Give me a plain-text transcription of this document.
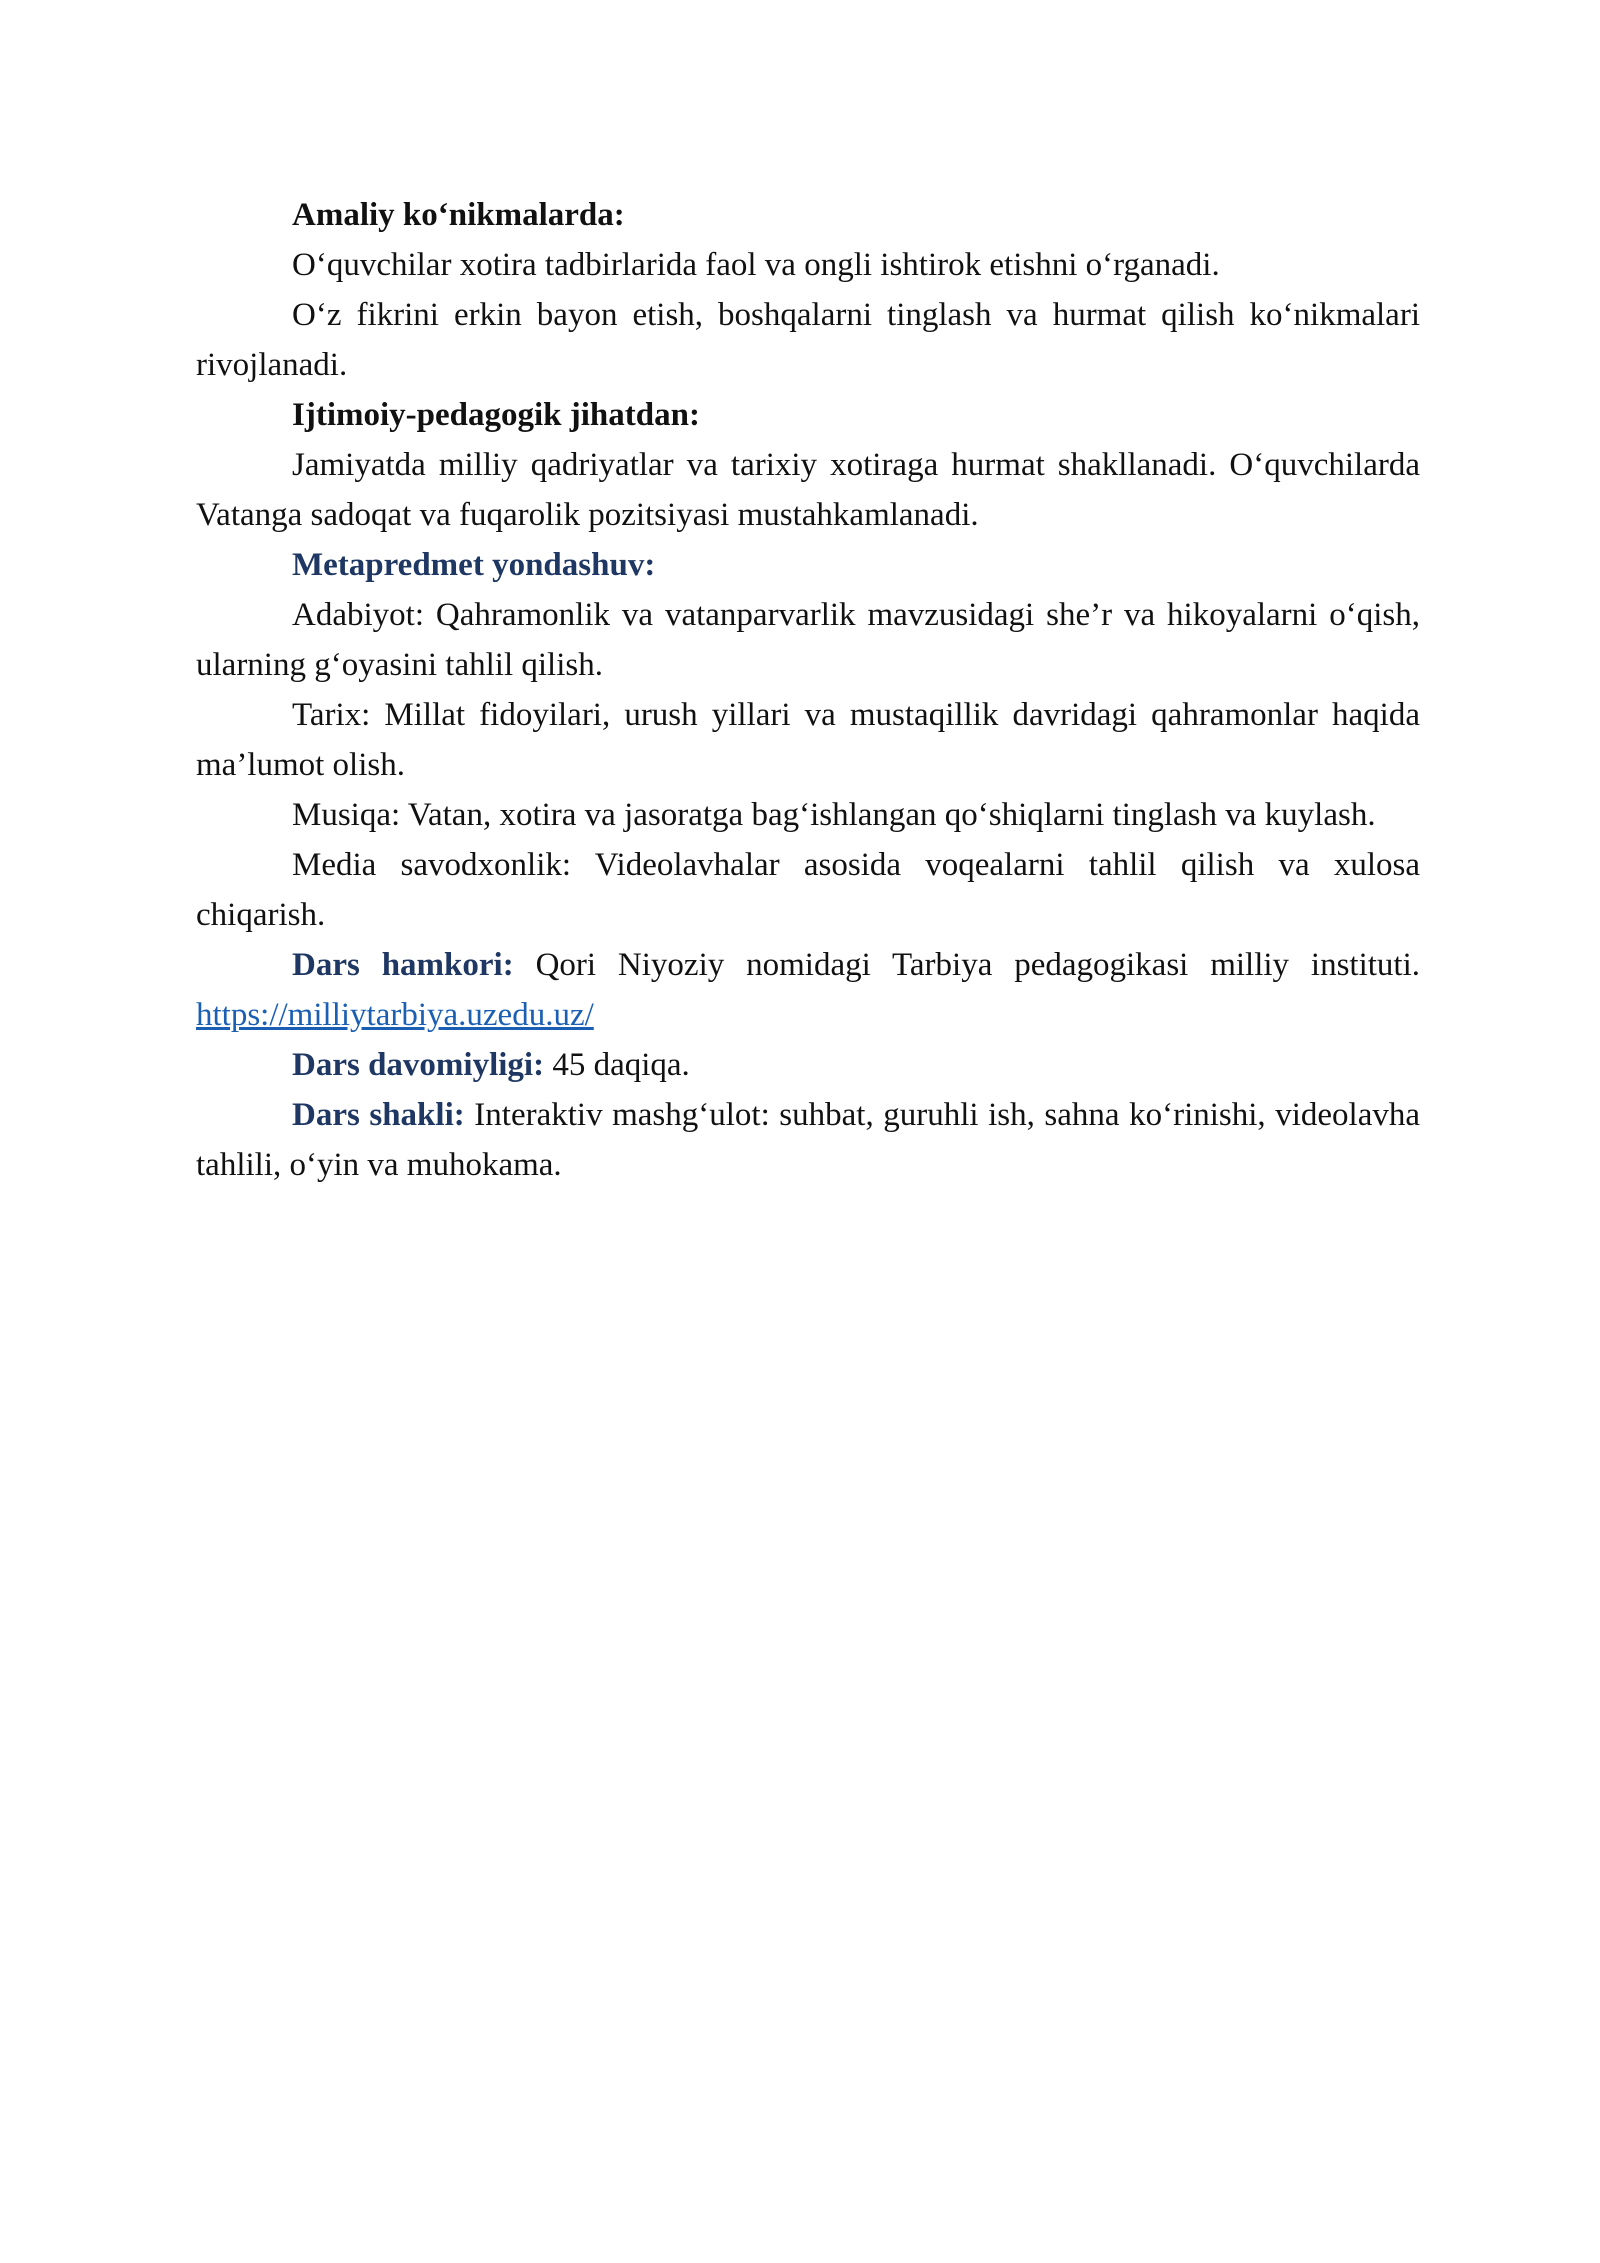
Amaliy koʻnikmalarda:

Oʻquvchilar xotira tadbirlarida faol va ongli ishtirok etishni oʻrganadi.

Oʻz fikrini erkin bayon etish, boshqalarni tinglash va hurmat qilish koʻnikmalari rivojlanadi.

Ijtimoiy-pedagogik jihatdan:

Jamiyatda milliy qadriyatlar va tarixiy xotiraga hurmat shakllanadi. Oʻquvchilarda Vatanga sadoqat va fuqarolik pozitsiyasi mustahkamlanadi.

Metapredmet yondashuv:

Adabiyot: Qahramonlik va vatanparvarlik mavzusidagi she’r va hikoyalarni oʻqish, ularning gʻoyasini tahlil qilish.

Tarix: Millat fidoyilari, urush yillari va mustaqillik davridagi qahramonlar haqida ma’lumot olish.

Musiqa: Vatan, xotira va jasoratga bagʻishlangan qoʻshiqlarni tinglash va kuylash.

Media savodxonlik: Videolavhalar asosida voqealarni tahlil qilish va xulosa chiqarish.

Dars hamkori: Qori Niyoziy nomidagi Tarbiya pedagogikasi milliy instituti. https://milliytarbiya.uzedu.uz/

Dars davomiyligi: 45 daqiqa.

Dars shakli: Interaktiv mashgʻulot: suhbat, guruhli ish, sahna koʻrinishi, videolavha tahlili, oʻyin va muhokama.
